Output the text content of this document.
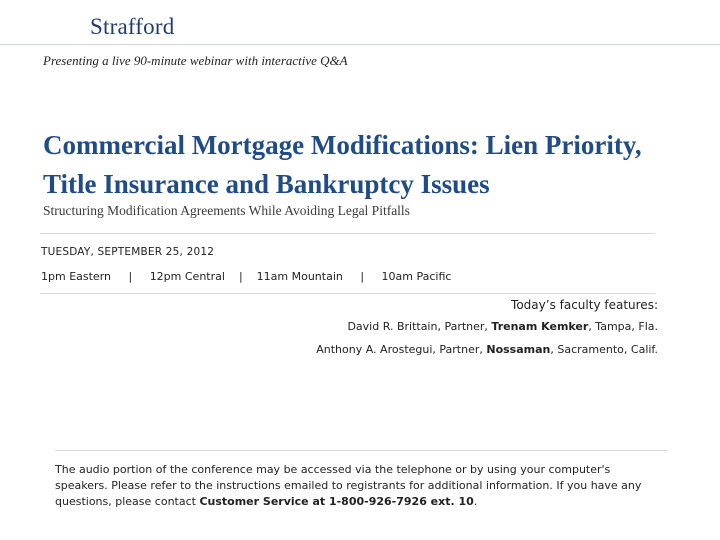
Strafford
Presenting a live 90-minute webinar with interactive Q&A
Commercial Mortgage Modifications: Lien Priority, Title Insurance and Bankruptcy Issues
Structuring Modification Agreements While Avoiding Legal Pitfalls
TUESDAY, SEPTEMBER 25, 2012
1pm Eastern | 12pm Central | 11am Mountain | 10am Pacific
Today’s faculty features:
David R. Brittain, Partner, Trenam Kemker, Tampa, Fla.
Anthony A. Arostegui, Partner, Nossaman, Sacramento, Calif.
The audio portion of the conference may be accessed via the telephone or by using your computer's speakers. Please refer to the instructions emailed to registrants for additional information. If you have any questions, please contact Customer Service at 1-800-926-7926 ext. 10.
